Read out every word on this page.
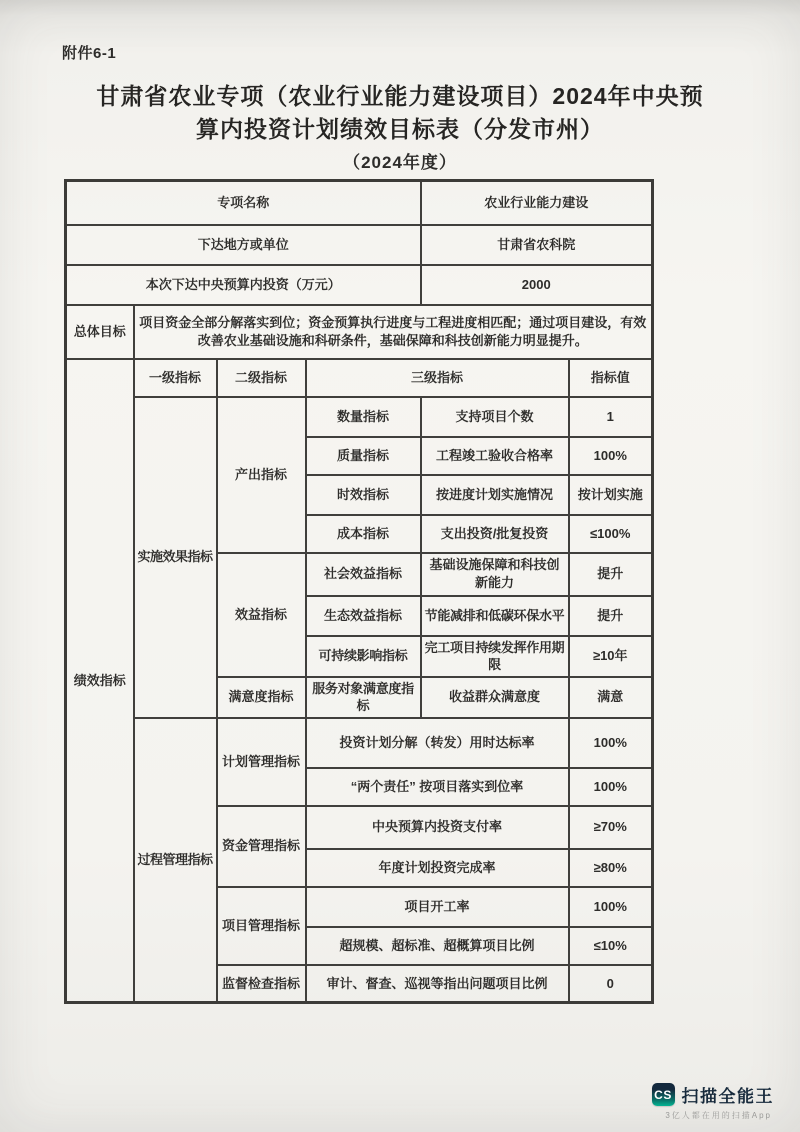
附件6-1
甘肃省农业专项（农业行业能力建设项目）2024年中央预
算内投资计划绩效目标表（分发市州）
（2024年度）
专项名称				农业行业能力建设	
下达地方或单位				甘肃省农科院	
本次下达中央预算内投资（万元）				2000	
总体目标	项目资金全部分解落实到位；资金预算执行进度与工程进度相匹配；通过项目建设，有效改善农业基础设施和科研条件，基础保障和科技创新能力明显提升。				
绩效指标	一级指标	二级指标	三级指标		指标值
	实施效果指标	产出指标	数量指标	支持项目个数	1
			质量指标	工程竣工验收合格率	100%
			时效指标	按进度计划实施情况	按计划实施
			成本指标	支出投资/批复投资	≤100%
		效益指标	社会效益指标	基础设施保障和科技创新能力	提升
			生态效益指标	节能减排和低碳环保水平	提升
			可持续影响指标	完工项目持续发挥作用期限	≥10年
		满意度指标	服务对象满意度指标	收益群众满意度	满意
	过程管理指标	计划管理指标	投资计划分解（转发）用时达标率		100%
			“两个责任” 按项目落实到位率		100%
		资金管理指标	中央预算内投资支付率		≥70%
			年度计划投资完成率		≥80%
		项目管理指标	项目开工率		100%
			超规模、超标准、超概算项目比例		≤10%
		监督检查指标	审计、督查、巡视等指出问题项目比例		0
CS 扫描全能王
3亿人都在用的扫描App
